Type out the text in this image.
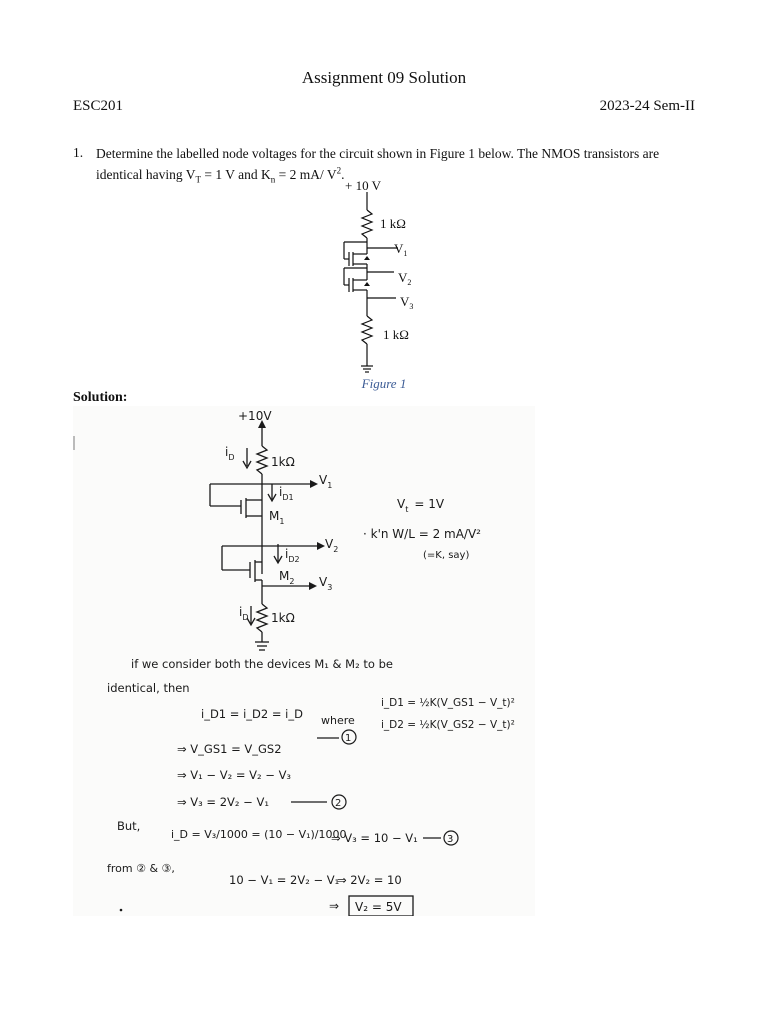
Assignment 09 Solution
ESC201	2023-24 Sem-II
1. Determine the labelled node voltages for the circuit shown in Figure 1 below. The NMOS transistors are
identical having $V_T = 1$ V and $K_n = 2$ mA/ $V^2$.
+ 10 V
1 kΩ
$V_1$
$V_2$
$V_3$
1 kΩ
Figure 1
Solution:
+10V
$i_D$	1kΩ
$V_1$
$i_{D1}$
$M_1$
$V_2$
$i_{D2}$
$M_2$ $V_3$
$i_D$ 1kΩ
$V_t = 1V$
· k'n W/L = 2 mA/V²
(=K, say)
if we consider both the devices M₁ & M₂ to be
identical, then
i_D1 = i_D2 = i_D where
i_D1 = ½K(V_GS1 − V_t)²
i_D2 = ½K(V_GS2 − V_t)²
1
⇒ V_GS1 = V_GS2
⇒ V₁ − V₂ = V₂ − V₃
⇒ V₃ = 2V₂ − V₁	2
But,
i_D = V₃/1000 = (10 − V₁)/1000
⇒ V₃ = 10 − V₁	3
from ② & ③,
10 − V₁ = 2V₂ − V₁
⇒ 2V₂ = 10
⇒ V₂ = 5V
